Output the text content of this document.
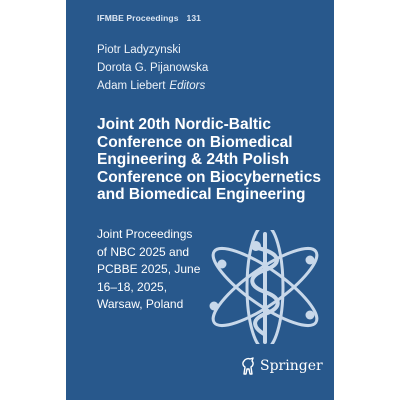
IFMBE Proceedings 131
Piotr Ladyzynski
Dorota G. Pijanowska
Adam Liebert Editors
Joint 20th Nordic-Baltic
Conference on Biomedical
Engineering & 24th Polish
Conference on Biocybernetics
and Biomedical Engineering
Joint Proceedings
of NBC 2025 and
PCBBE 2025, June
16–18, 2025,
Warsaw, Poland
Springer
